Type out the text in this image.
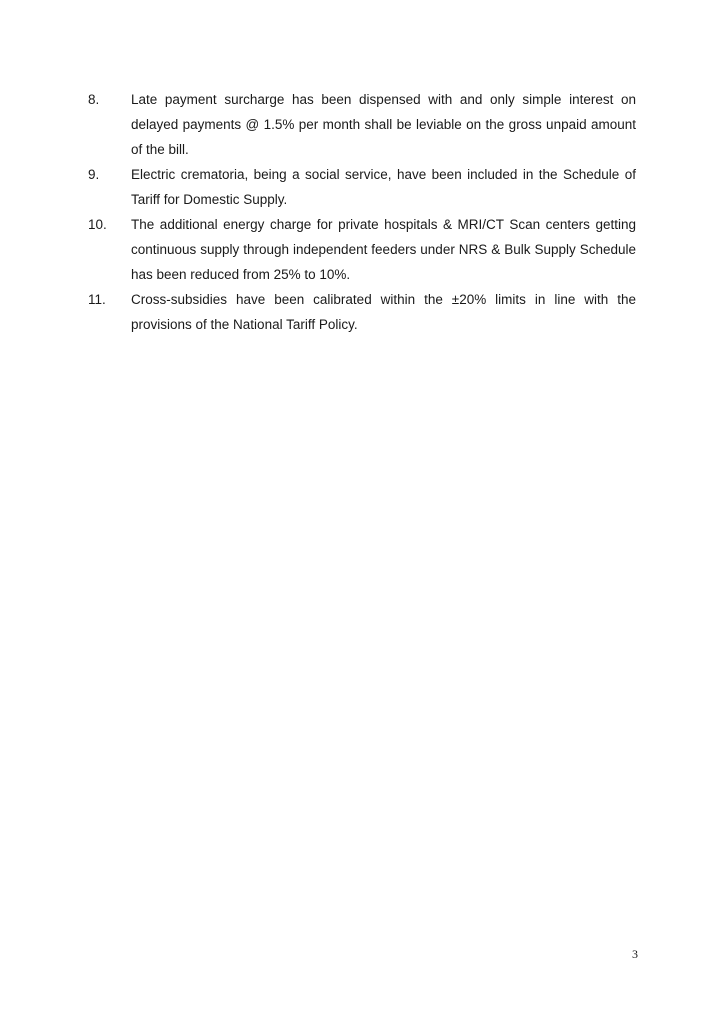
8.	Late payment surcharge has been dispensed with and only simple interest on delayed payments @ 1.5% per month shall be leviable on the gross unpaid amount of the bill.
9.	Electric crematoria, being a social service, have been included in the Schedule of Tariff for Domestic Supply.
10.	The additional energy charge for private hospitals & MRI/CT Scan centers getting continuous supply through independent feeders under NRS & Bulk Supply Schedule has been reduced from 25% to 10%.
11.	Cross-subsidies have been calibrated within the ±20% limits in line with the provisions of the National Tariff Policy.
3
